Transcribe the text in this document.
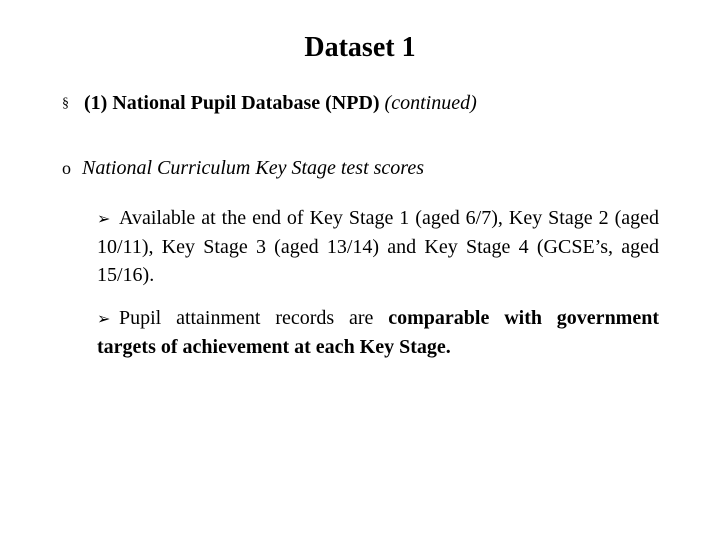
Dataset 1
§ (1) National Pupil Database (NPD) (continued)
o National Curriculum Key Stage test scores
➢ Available at the end of Key Stage 1 (aged 6/7), Key Stage 2 (aged 10/11), Key Stage 3 (aged 13/14) and Key Stage 4 (GCSE’s, aged 15/16).
➢ Pupil attainment records are comparable with government targets of achievement at each Key Stage.
